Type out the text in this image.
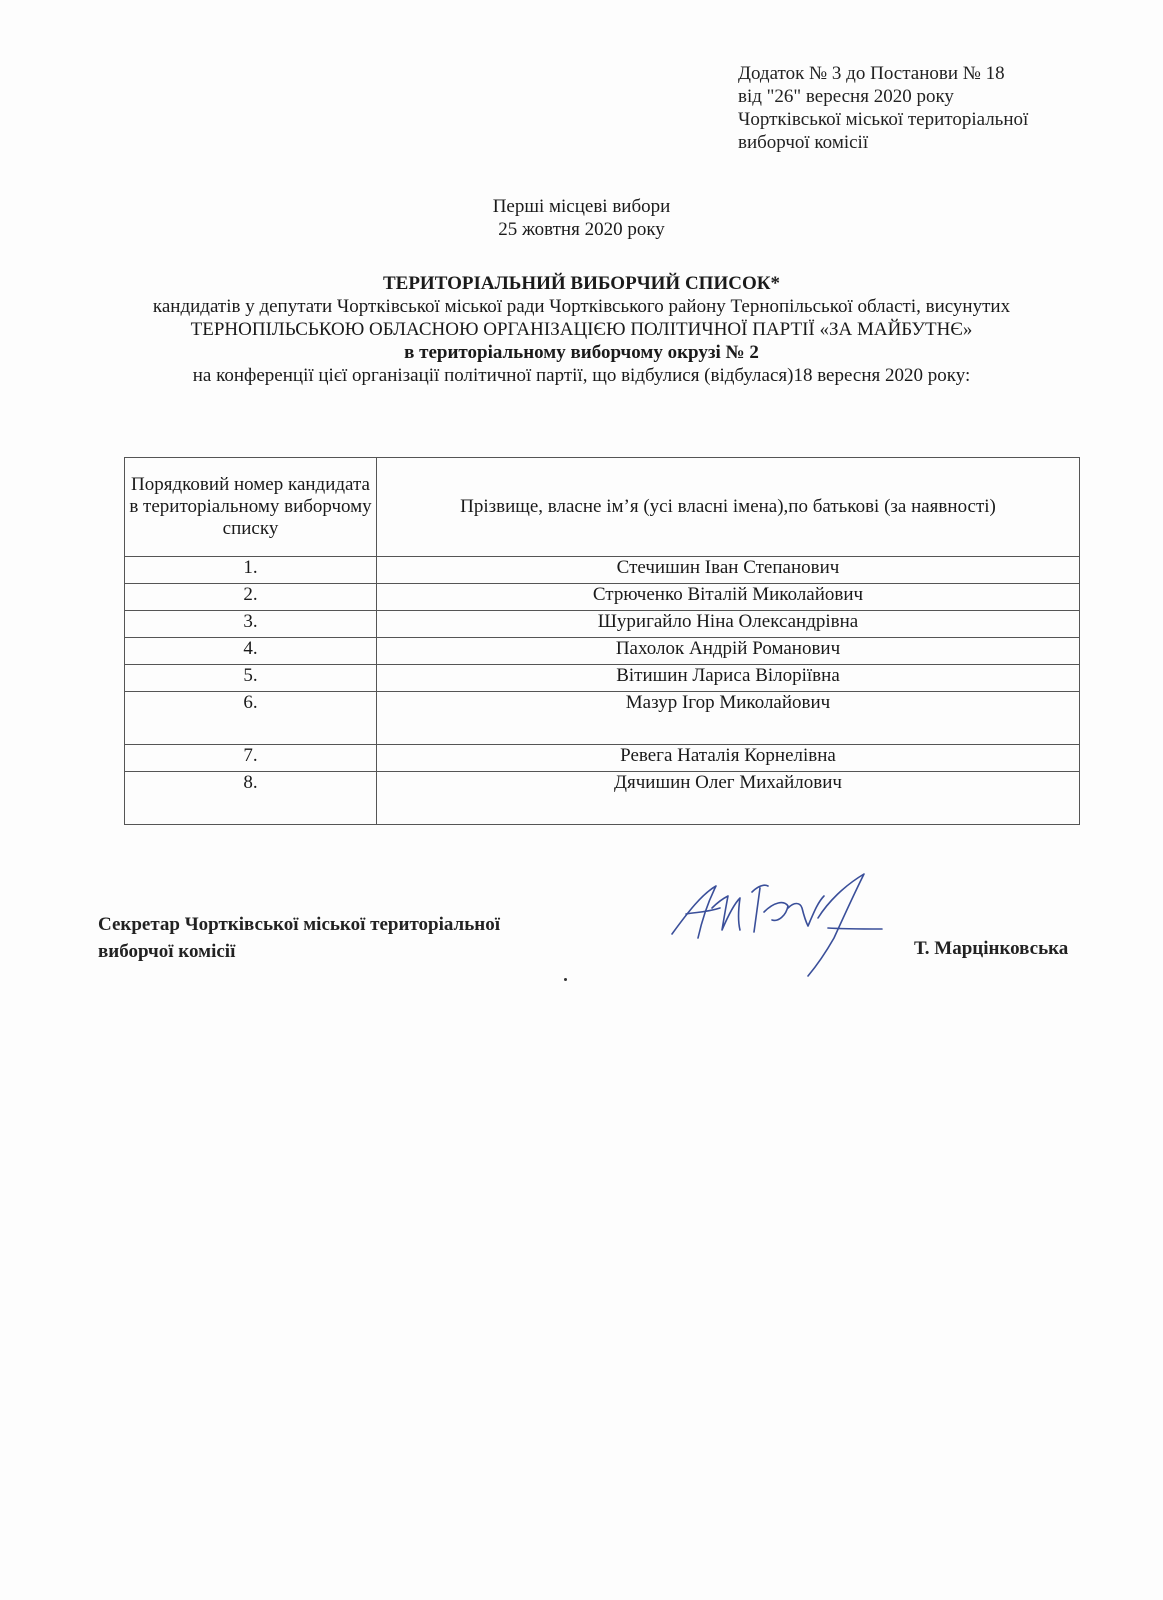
Додаток № 3 до Постанови № 18
від "26" вересня 2020 року
Чортківської міської територіальної
виборчої комісії
Перші місцеві вибори
25 жовтня 2020 року
ТЕРИТОРІАЛЬНИЙ ВИБОРЧИЙ СПИСОК*
кандидатів у депутати Чортківської міської ради Чортківського району Тернопільської області, висунутих ТЕРНОПІЛЬСЬКОЮ ОБЛАСНОЮ ОРГАНІЗАЦІЄЮ ПОЛІТИЧНОЇ ПАРТІЇ «ЗА МАЙБУТНЄ»
в територіальному виборчому окрузі № 2
на конференції цієї організації політичної партії, що відбулися (відбулася)18 вересня 2020 року:
Порядковий номер кандидата в територіальному виборчому списку	Прізвище, власне ім’я (усі власні імена),по батькові (за наявності)
1.	Стечишин Іван Степанович
2.	Стрюченко Віталій Миколайович
3.	Шуригайло Ніна Олександрівна
4.	Пахолок Андрій Романович
5.	Вітишин Лариса Вілоріївна
6.	Мазур Ігор Миколайович
7.	Ревега Наталія Корнелівна
8.	Дячишин Олег Михайлович
Секретар Чортківської міської територіальної
виборчої комісії	Т. Марцінковська
